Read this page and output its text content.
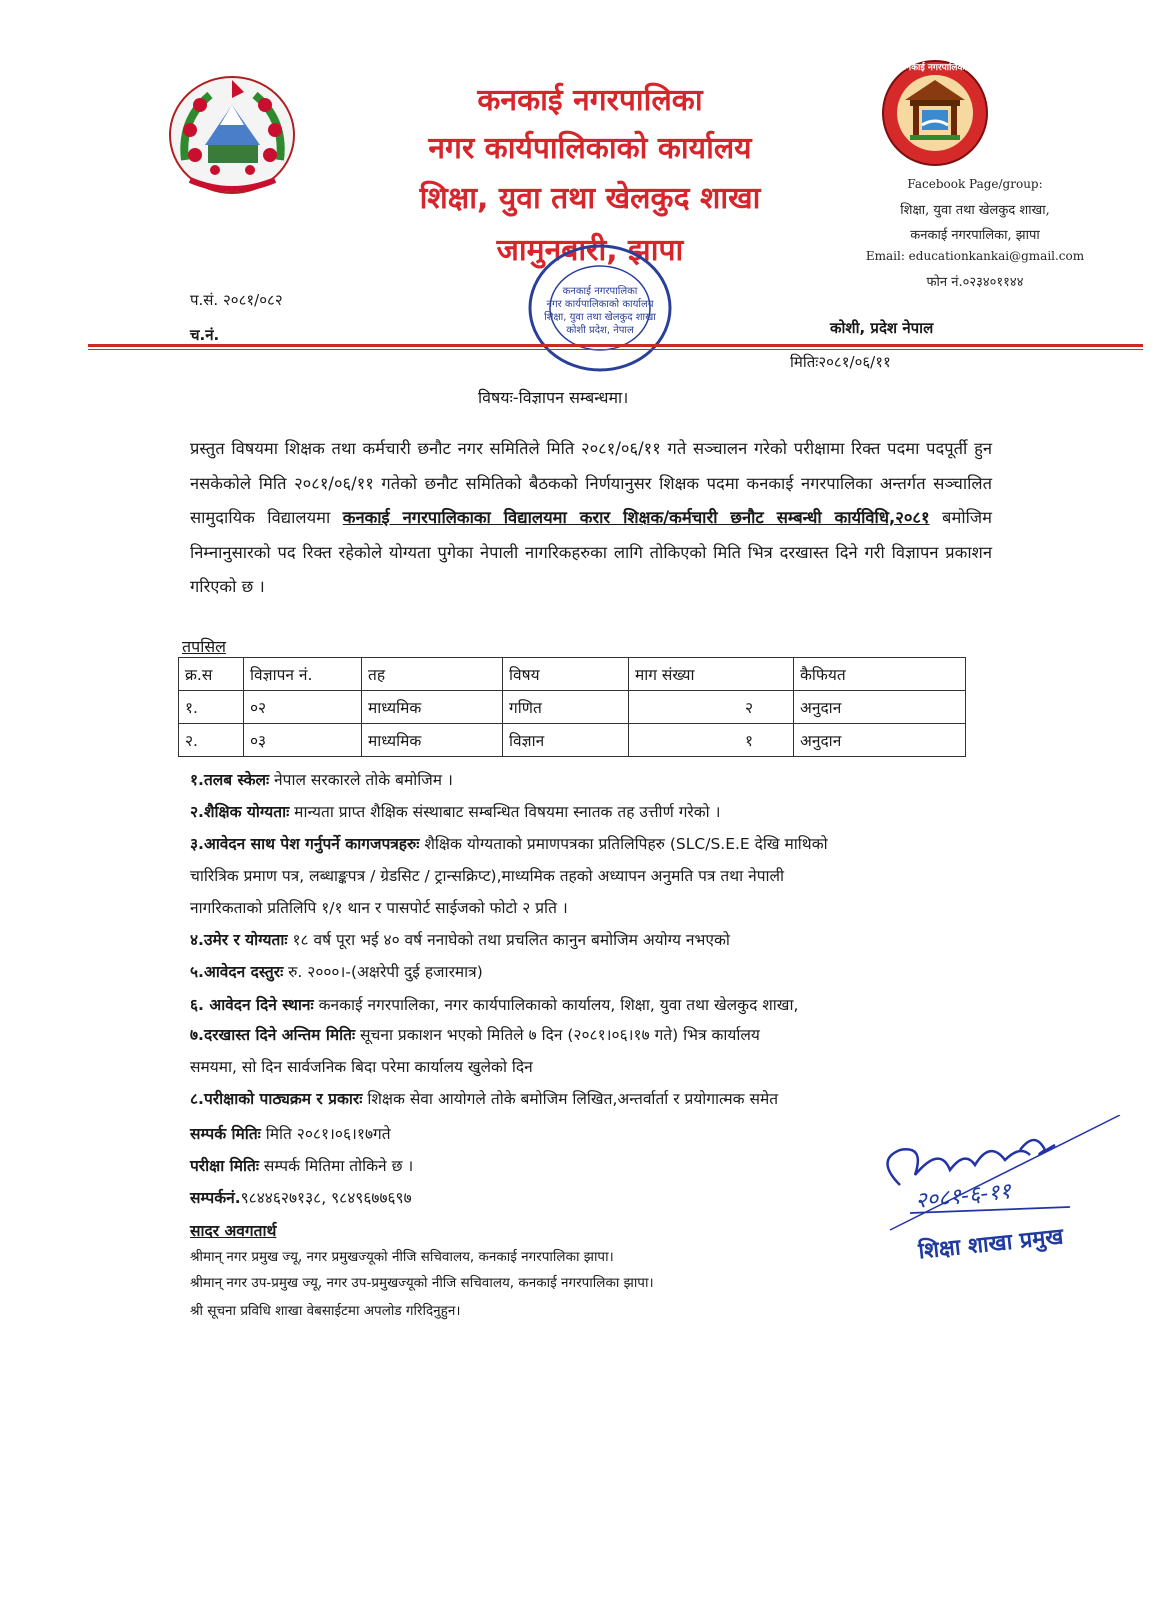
कनकाई नगरपालिका
नगर कार्यपालिकाको कार्यालय
शिक्षा, युवा तथा खेलकुद शाखा
जामुनबारी, झापा
कनकाई नगरपालिका
Facebook Page/group:
शिक्षा, युवा तथा खेलकुद शाखा,
कनकाई नगरपालिका, झापा
Email: educationkankai@gmail.com
फोन नं.०२३४०११४४
प.सं. २०८१/०८२
च.नं.	कोशी, प्रदेश नेपाल
कनकाई नगरपालिका
नगर कार्यपालिकाको कार्यालय
शिक्षा, युवा तथा खेलकुद शाखा
कोशी प्रदेश, नेपाल
मितिः२०८१/०६/११
विषयः-विज्ञापन सम्बन्धमा।
प्रस्तुत विषयमा शिक्षक तथा कर्मचारी छनौट नगर समितिले मिति २०८१/०६/११ गते सञ्चालन गरेको परीक्षामा रिक्त पदमा पदपूर्ती हुन नसकेकोले मिति २०८१/०६/११ गतेको छनौट समितिको बैठकको निर्णयानुसर शिक्षक पदमा कनकाई नगरपालिका अन्तर्गत सञ्चालित सामुदायिक विद्यालयमा कनकाई नगरपालिकाका विद्यालयमा करार शिक्षक/कर्मचारी छनौट सम्बन्धी कार्यविधि,२०८१ बमोजिम निम्नानुसारको पद रिक्त रहेकोले योग्यता पुगेका नेपाली नागरिकहरुका लागि तोकिएको मिति भित्र दरखास्त दिने गरी विज्ञापन प्रकाशन गरिएको छ ।
तपसिल
क्र.स	विज्ञापन नं.	तह	विषय	माग संख्या	कैफियत
१.	०२	माध्यमिक	गणित	२	अनुदान
२.	०३	माध्यमिक	विज्ञान	१	अनुदान
१.तलब स्केलः नेपाल सरकारले तोके बमोजिम ।
२.शैक्षिक योग्यताः मान्यता प्राप्त शैक्षिक संस्थाबाट सम्बन्धित विषयमा स्नातक तह उत्तीर्ण गरेको ।
३.आवेदन साथ पेश गर्नुपर्ने कागजपत्रहरुः शैक्षिक योग्यताको प्रमाणपत्रका प्रतिलिपिहरु (SLC/S.E.E देखि माथिको
चारित्रिक प्रमाण पत्र, लब्धाङ्कपत्र / ग्रेडसिट / ट्रान्सक्रिप्ट),माध्यमिक तहको अध्यापन अनुमति पत्र तथा नेपाली
नागरिकताको प्रतिलिपि १/१ थान र पासपोर्ट साईजको फोटो २ प्रति ।
४.उमेर र योग्यताः १८ वर्ष पूरा भई ४० वर्ष ननाघेको तथा प्रचलित कानुन बमोजिम अयोग्य नभएको
५.आवेदन दस्तुरः रु. २०००।-(अक्षरेपी दुई हजारमात्र)
६. आवेदन दिने स्थानः कनकाई नगरपालिका, नगर कार्यपालिकाको कार्यालय, शिक्षा, युवा तथा खेलकुद शाखा,
७.दरखास्त दिने अन्तिम मितिः सूचना प्रकाशन भएको मितिले ७ दिन (२०८१।०६।१७ गते) भित्र कार्यालय
समयमा, सो दिन सार्वजनिक बिदा परेमा कार्यालय खुलेको दिन
८.परीक्षाको पाठ्यक्रम र प्रकारः शिक्षक सेवा आयोगले तोके बमोजिम लिखित,अन्तर्वार्ता र प्रयोगात्मक समेत
सम्पर्क मितिः मिति २०८१।०६।१७गते
परीक्षा मितिः सम्पर्क मितिमा तोकिने छ ।
सम्पर्कनं.९८४४६२७१३८, ९८४९६७७६९७
सादर अवगतार्थ
श्रीमान् नगर प्रमुख ज्यू, नगर प्रमुखज्यूको नीजि सचिवालय, कनकाई नगरपालिका झापा।
श्रीमान् नगर उप-प्रमुख ज्यू, नगर उप-प्रमुखज्यूको नीजि सचिवालय, कनकाई नगरपालिका झापा।
श्री सूचना प्रविधि शाखा वेबसाईटमा अपलोड गरिदिनुहुन।
२०८१-६-११
शिक्षा शाखा प्रमुख
